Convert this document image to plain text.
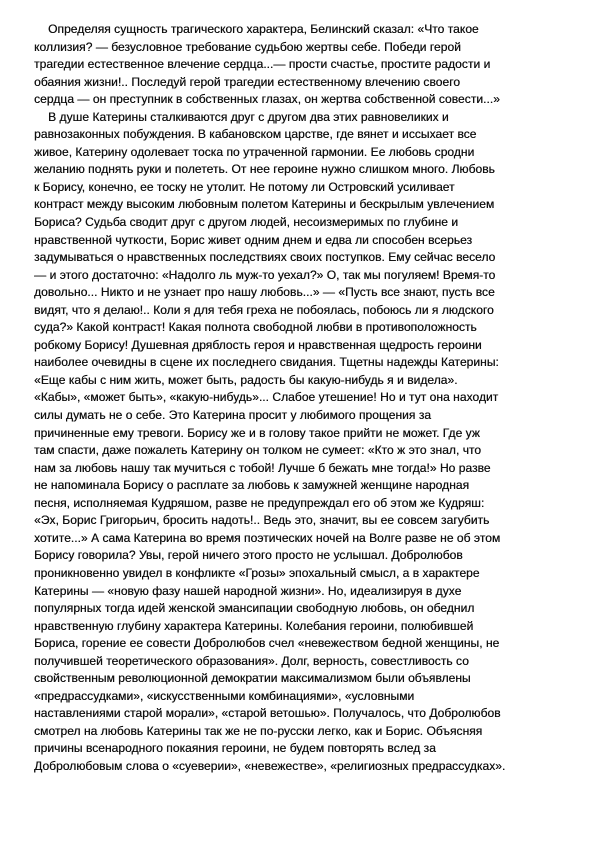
Определяя сущность трагического характера, Белинский сказал: «Что такое
коллизия? — безусловное требование судьбою жертвы себе. Победи герой
трагедии естественное влечение сердца...— прости счастье, простите радости и
обаяния жизни!.. Последуй герой трагедии естественному влечению своего
сердца — он преступник в собственных глазах, он жертва собственной совести...»
В душе Катерины сталкиваются друг с другом два этих равновеликих и
равнозаконных побуждения. В кабановском царстве, где вянет и иссыхает все
живое, Катерину одолевает тоска по утраченной гармонии. Ее любовь сродни
желанию поднять руки и полететь. От нее героине нужно слишком много. Любовь
к Борису, конечно, ее тоску не утолит. Не потому ли Островский усиливает
контраст между высоким любовным полетом Катерины и бескрылым увлечением
Бориса? Судьба сводит друг с другом людей, несоизмеримых по глубине и
нравственной чуткости, Борис живет одним днем и едва ли способен всерьез
задумываться о нравственных последствиях своих поступков. Ему сейчас весело
— и этого достаточно: «Надолго ль муж-то уехал?» О, так мы погуляем! Время-то
довольно... Никто и не узнает про нашу любовь...» — «Пусть все знают, пусть все
видят, что я делаю!.. Коли я для тебя греха не побоялась, побоюсь ли я людского
суда?» Какой контраст! Какая полнота свободной любви в противоположность
робкому Борису! Душевная дряблость героя и нравственная щедрость героини
наиболее очевидны в сцене их последнего свидания. Тщетны надежды Катерины:
«Еще кабы с ним жить, может быть, радость бы какую-нибудь я и видела».
«Кабы», «может быть», «какую-нибудь»... Слабое утешение! Но и тут она находит
силы думать не о себе. Это Катерина просит у любимого прощения за
причиненные ему тревоги. Борису же и в голову такое прийти не может. Где уж
там спасти, даже пожалеть Катерину он толком не сумеет: «Кто ж это знал, что
нам за любовь нашу так мучиться с тобой! Лучше б бежать мне тогда!» Но разве
не напоминала Борису о расплате за любовь к замужней женщине народная
песня, исполняемая Кудряшом, разве не предупреждал его об этом же Кудряш:
«Эх, Борис Григорьич, бросить надоть!.. Ведь это, значит, вы ее совсем загубить
хотите...» А сама Катерина во время поэтических ночей на Волге разве не об этом
Борису говорила? Увы, герой ничего этого просто не услышал. Добролюбов
проникновенно увидел в конфликте «Грозы» эпохальный смысл, а в характере
Катерины — «новую фазу нашей народной жизни». Но, идеализируя в духе
популярных тогда идей женской эмансипации свободную любовь, он обеднил
нравственную глубину характера Катерины. Колебания героини, полюбившей
Бориса, горение ее совести Добролюбов счел «невежеством бедной женщины, не
получившей теоретического образования». Долг, верность, совестливость со
свойственным революционной демократии максимализмом были объявлены
«предрассудками», «искусственными комбинациями», «условными
наставлениями старой морали», «старой ветошью». Получалось, что Добролюбов
смотрел на любовь Катерины так же не по-русски легко, как и Борис. Объясняя
причины всенародного покаяния героини, не будем повторять вслед за
Добролюбовым слова о «суеверии», «невежестве», «религиозных предрассудках».
